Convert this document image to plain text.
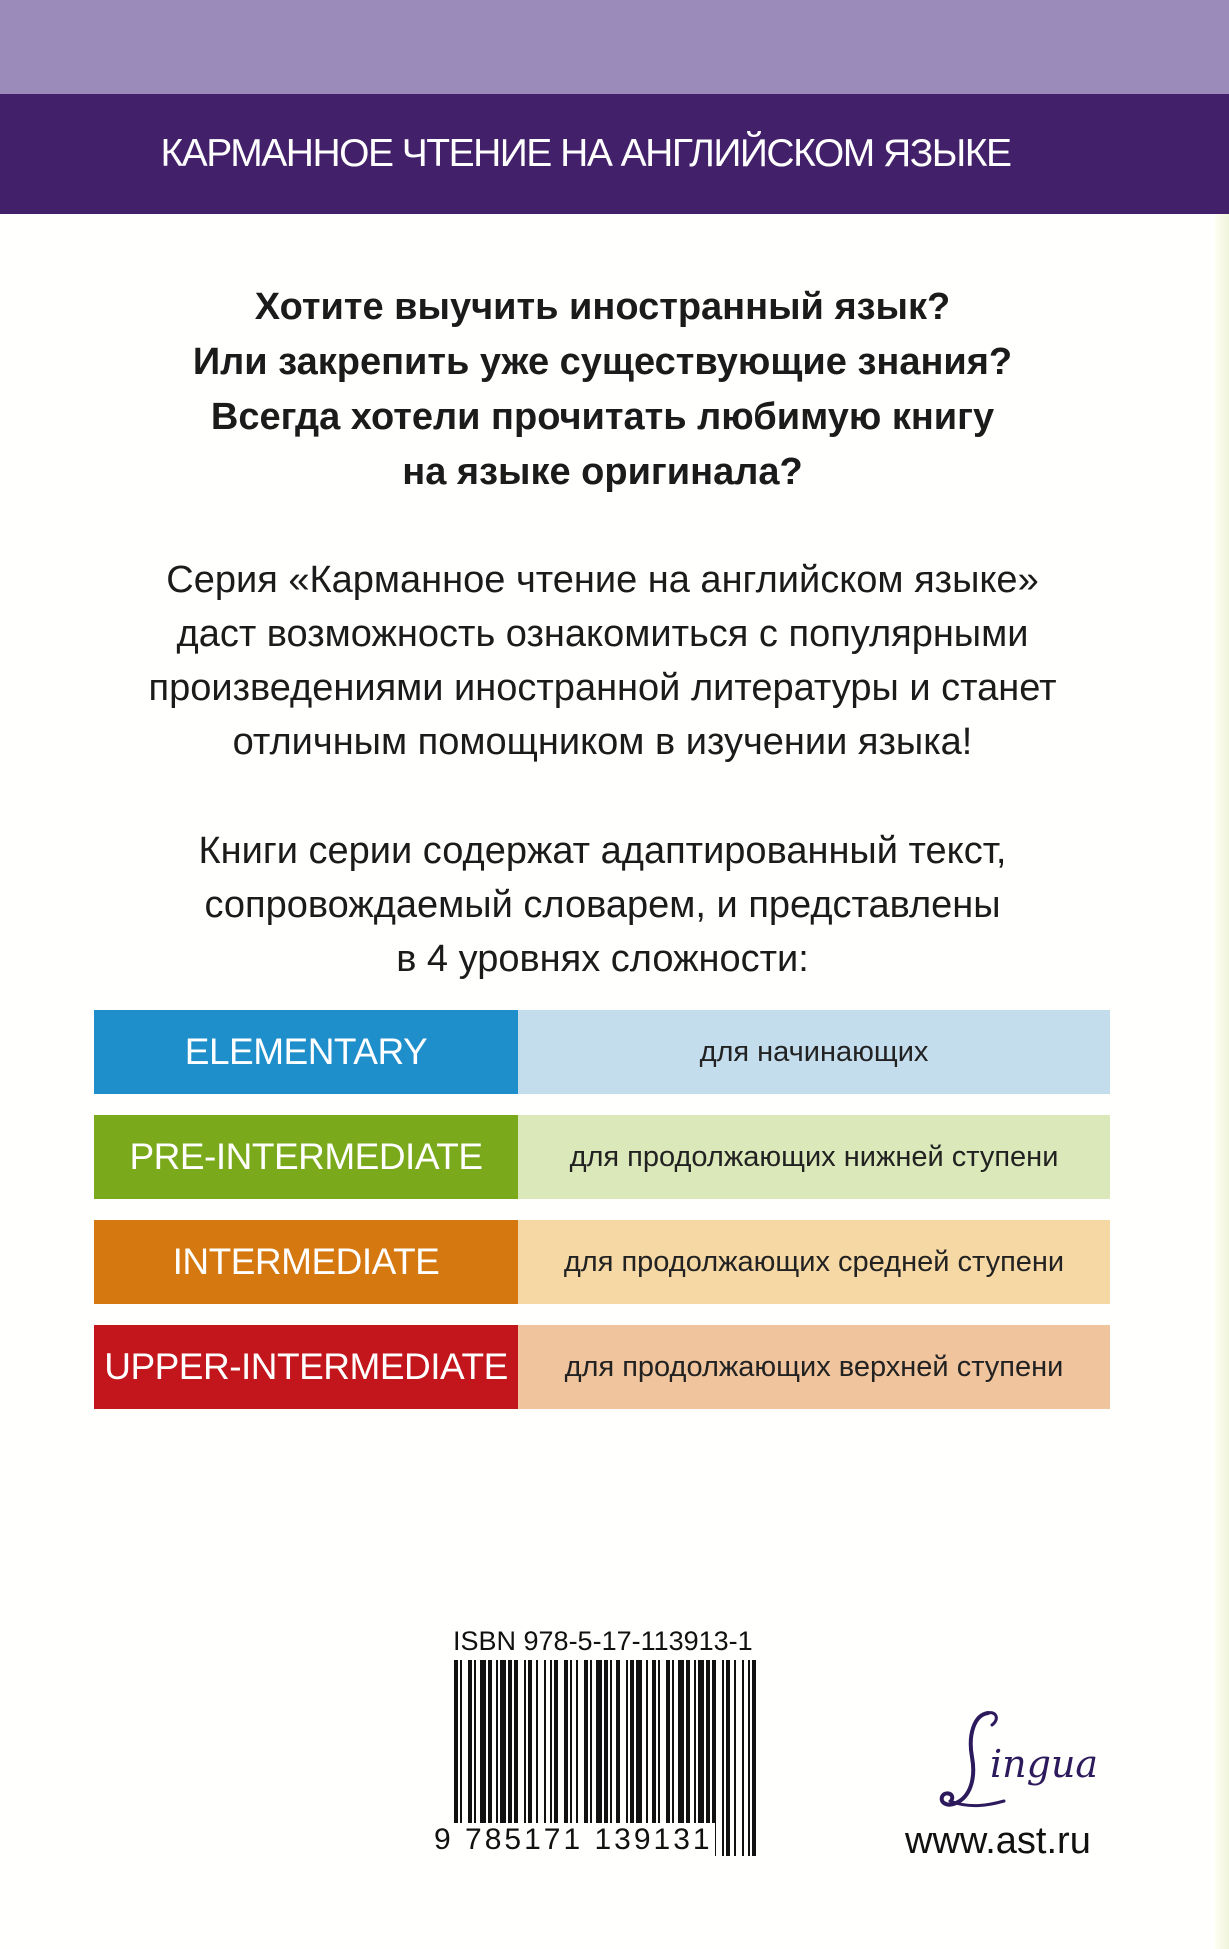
КАРМАННОЕ ЧТЕНИЕ НА АНГЛИЙСКОМ ЯЗЫКЕ
Хотите выучить иностранный язык?
Или закрепить уже существующие знания?
Всегда хотели прочитать любимую книгу
на языке оригинала?
Серия «Карманное чтение на английском языке»
даст возможность ознакомиться с популярными
произведениями иностранной литературы и станет
отличным помощником в изучении языка!
Книги серии содержат адаптированный текст,
сопровождаемый словарем, и представлены
в 4 уровнях сложности:
ELEMENTARY	для начинающих
PRE-INTERMEDIATE	для продолжающих нижней ступени
INTERMEDIATE	для продолжающих средней ступени
UPPER-INTERMEDIATE	для продолжающих верхней ступени
ISBN 978-5-17-113913-1
9 785171 139131
ingua
www.ast.ru
